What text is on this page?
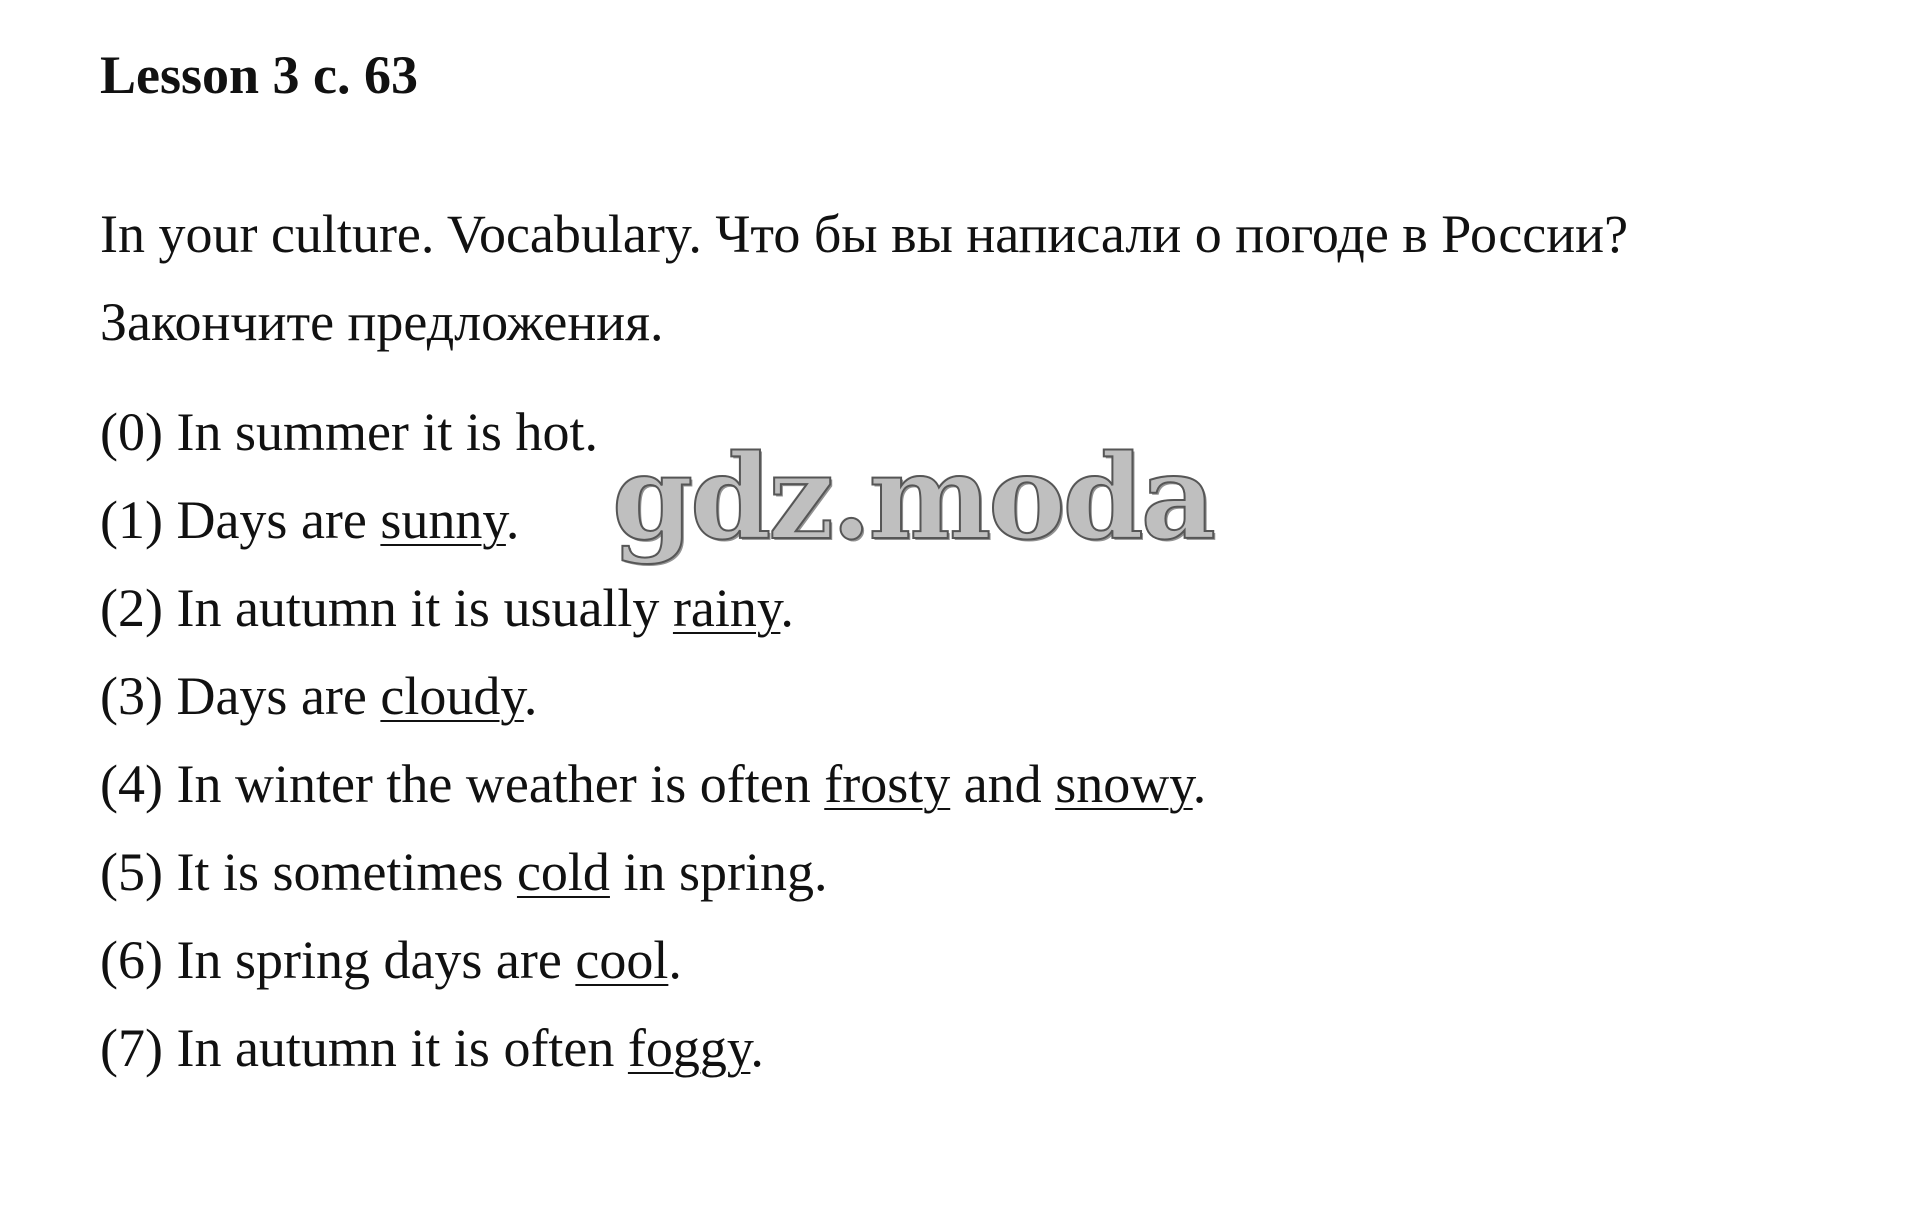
Lesson 3 с. 63
In your culture. Vocabulary. Что бы вы написали о погоде в России?
Закончите предложения.
(0) In summer it is hot.
(1) Days are sunny.
(2) In autumn it is usually rainy.
(3) Days are cloudy.
(4) In winter the weather is often frosty and snowy.
(5) It is sometimes cold in spring.
(6) In spring days are cool.
(7) In autumn it is often foggy.
gdz.moda
